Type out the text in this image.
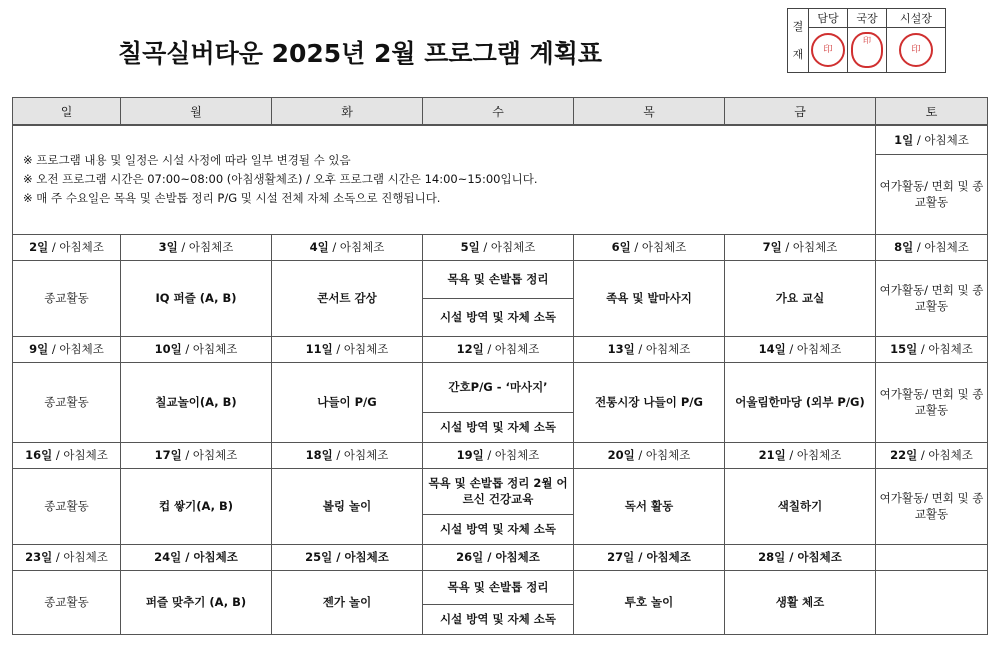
칠곡실버타운 2025년 2월 프로그램 계획표
결

재	담당	국장	시설장
	印	印	印
일	월	화	수	목	금	토

※ 프로그램 내용 및 일정은 시설 사정에 따라 일부 변경될 수 있음
※ 오전 프로그램 시간은 07:00~08:00 (아침생활체조) / 오후 프로그램 시간은 14:00~15:00입니다.
※ 매 주 수요일은 목욕 및 손발톱 정리 P/G 및 시설 전체 자체 소독으로 진행됩니다.						1일 / 아침체조
						여가활동/ 면회 및 종교활동

2일 / 아침체조	3일 / 아침체조	4일 / 아침체조	5일 / 아침체조	6일 / 아침체조	7일 / 아침체조	8일 / 아침체조
종교활동	IQ 퍼즐 (A, B)	콘서트 감상	목욕 및 손발톱 정리	족욕 및 발마사지	가요 교실	여가활동/ 면회 및 종교활동
			시설 방역 및 자체 소독			
9일 / 아침체조	10일 / 아침체조	11일 / 아침체조	12일 / 아침체조	13일 / 아침체조	14일 / 아침체조	15일 / 아침체조
종교활동	칠교놀이(A, B)	나들이 P/G	간호P/G - ‘마사지’	전통시장 나들이 P/G	어울림한마당 (외부 P/G)	여가활동/ 면회 및 종교활동
			시설 방역 및 자체 소독			
16일 / 아침체조	17일 / 아침체조	18일 / 아침체조	19일 / 아침체조	20일 / 아침체조	21일 / 아침체조	22일 / 아침체조
종교활동	컵 쌓기(A, B)	볼링 놀이	목욕 및 손발톱 정리 2월 어르신 건강교육	독서 활동	색칠하기	여가활동/ 면회 및 종교활동
			시설 방역 및 자체 소독			
23일 / 아침체조	24일 / 아침체조	25일 / 아침체조	26일 / 아침체조	27일 / 아침체조	28일 / 아침체조	
종교활동	퍼즐 맞추기 (A, B)	젠가 놀이	목욕 및 손발톱 정리	투호 놀이	생활 체조	
			시설 방역 및 자체 소독			
